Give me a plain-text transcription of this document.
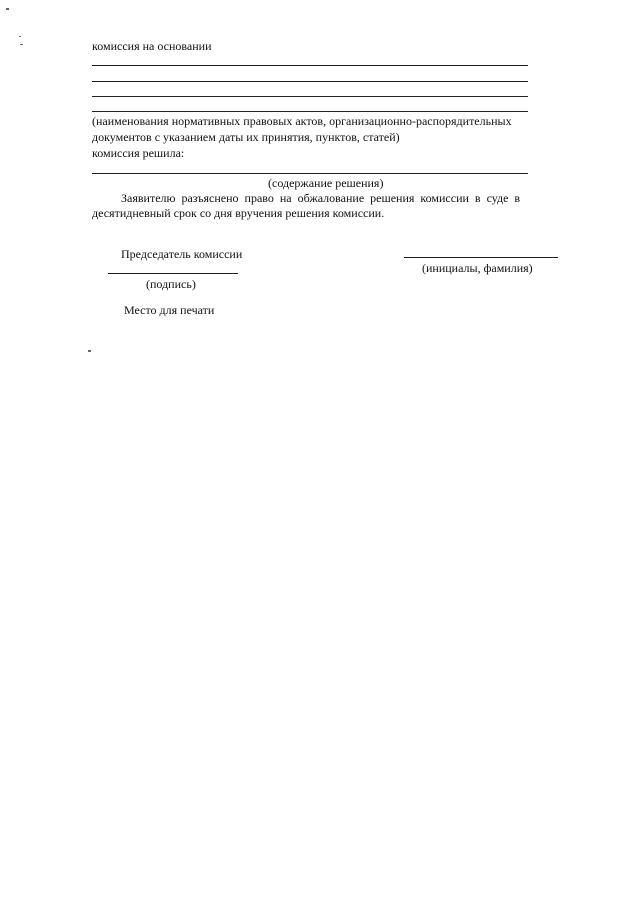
комиссия на основании
(наименования нормативных правовых актов, организационно-распорядительных
документов с указанием даты их принятия, пунктов, статей)
комиссия решила:
(содержание решения)
Заявителю разъяснено право на обжалование решения комиссии в суде в
десятидневный срок со дня вручения решения комиссии.
Председатель комиссии
(подпись)
(инициалы, фамилия)
Место для печати
